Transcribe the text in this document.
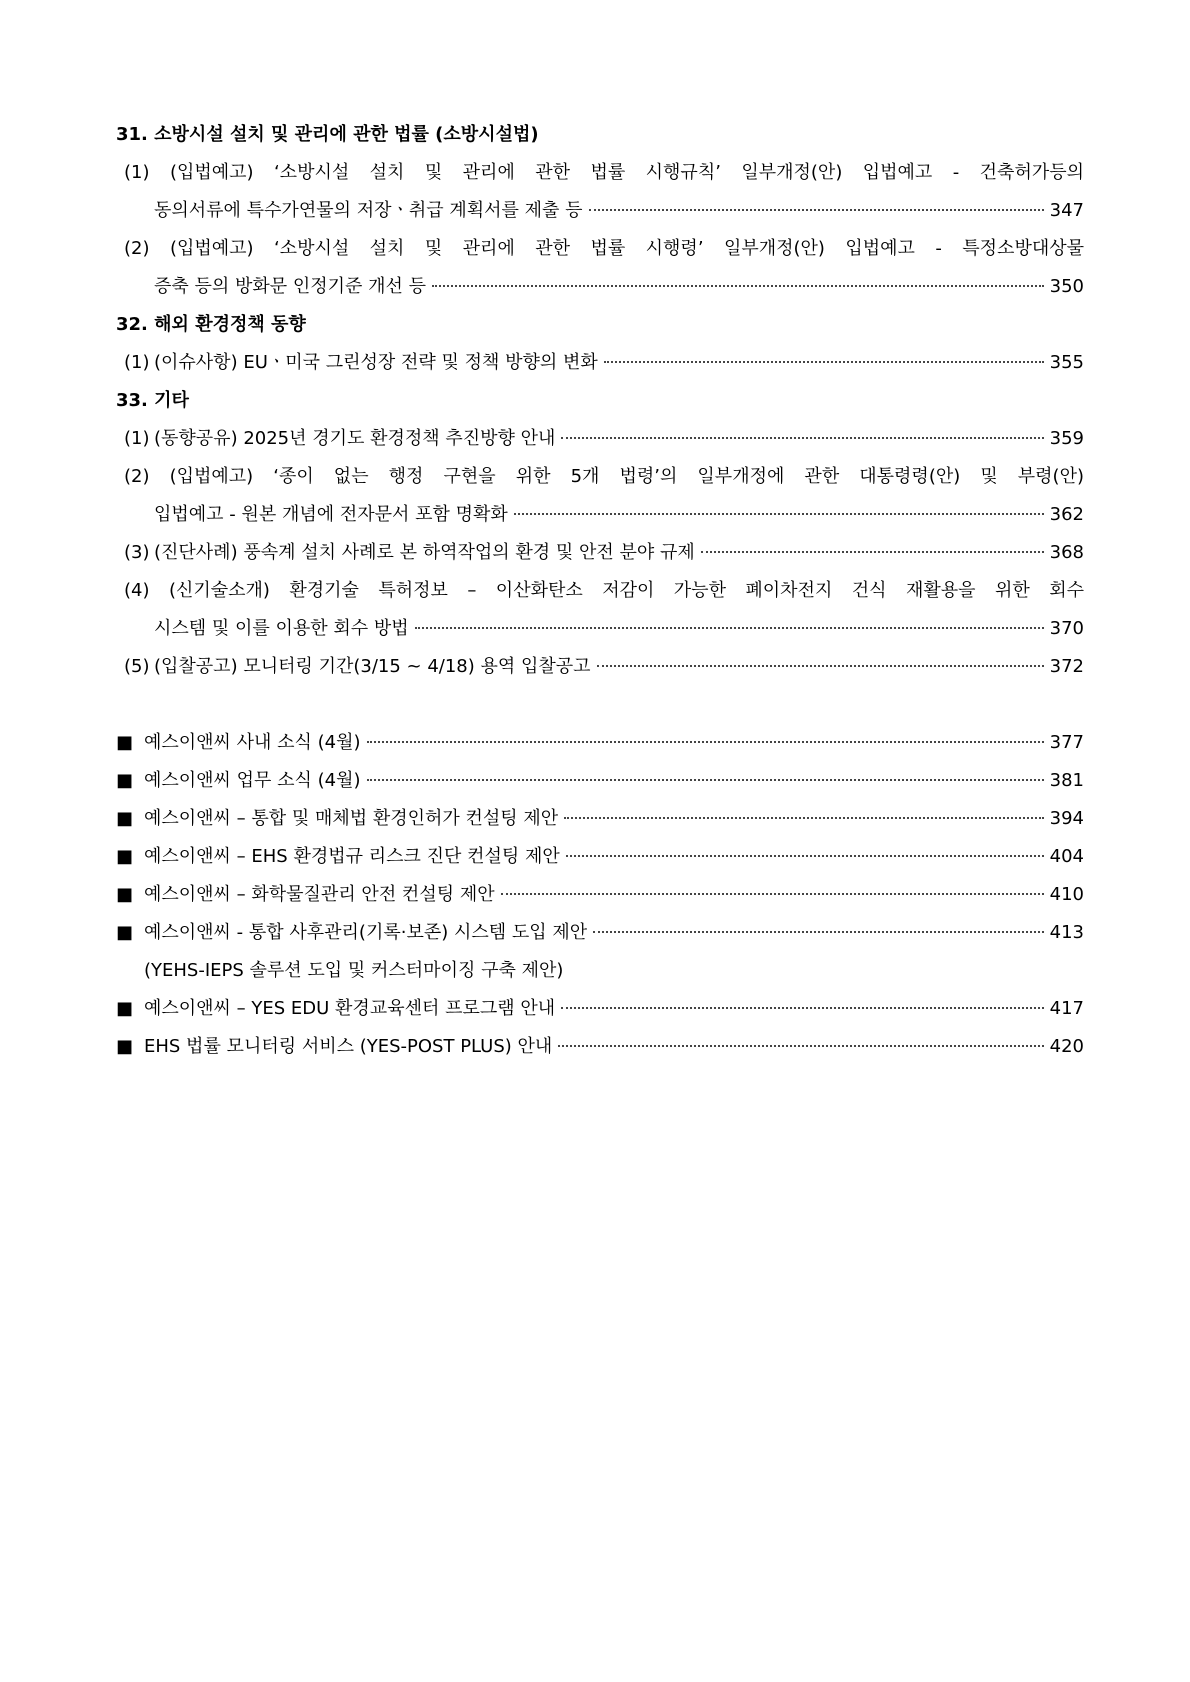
31. 소방시설 설치 및 관리에 관한 법률 (소방시설법)
(1) (입법예고) ‘소방시설 설치 및 관리에 관한 법률 시행규칙’ 일부개정(안) 입법예고 - 건축허가등의
동의서류에 특수가연물의 저장ㆍ취급 계획서를 제출 등	347
(2) (입법예고) ‘소방시설 설치 및 관리에 관한 법률 시행령’ 일부개정(안) 입법예고 - 특정소방대상물
증축 등의 방화문 인정기준 개선 등	350
32. 해외 환경정책 동향
(1) (이슈사항) EUㆍ미국 그린성장 전략 및 정책 방향의 변화	355
33. 기타
(1) (동향공유) 2025년 경기도 환경정책 추진방향 안내	359
(2) (입법예고) ‘종이 없는 행정 구현을 위한 5개 법령’의 일부개정에 관한 대통령령(안) 및 부령(안)
입법예고 - 원본 개념에 전자문서 포함 명확화	362
(3) (진단사례) 풍속계 설치 사례로 본 하역작업의 환경 및 안전 분야 규제	368
(4) (신기술소개) 환경기술 특허정보 – 이산화탄소 저감이 가능한 폐이차전지 건식 재활용을 위한 회수
시스템 및 이를 이용한 회수 방법	370
(5) (입찰공고) 모니터링 기간(3/15 ~ 4/18) 용역 입찰공고	372
■ 예스이앤씨 사내 소식 (4월)	377
■ 예스이앤씨 업무 소식 (4월)	381
■ 예스이앤씨 – 통합 및 매체법 환경인허가 컨설팅 제안	394
■ 예스이앤씨 – EHS 환경법규 리스크 진단 컨설팅 제안	404
■ 예스이앤씨 – 화학물질관리 안전 컨설팅 제안	410
■ 예스이앤씨 - 통합 사후관리(기록·보존) 시스템 도입 제안	413
(YEHS-IEPS 솔루션 도입 및 커스터마이징 구축 제안)
■ 예스이앤씨 – YES EDU 환경교육센터 프로그램 안내	417
■ EHS 법률 모니터링 서비스 (YES-POST PLUS) 안내	420
